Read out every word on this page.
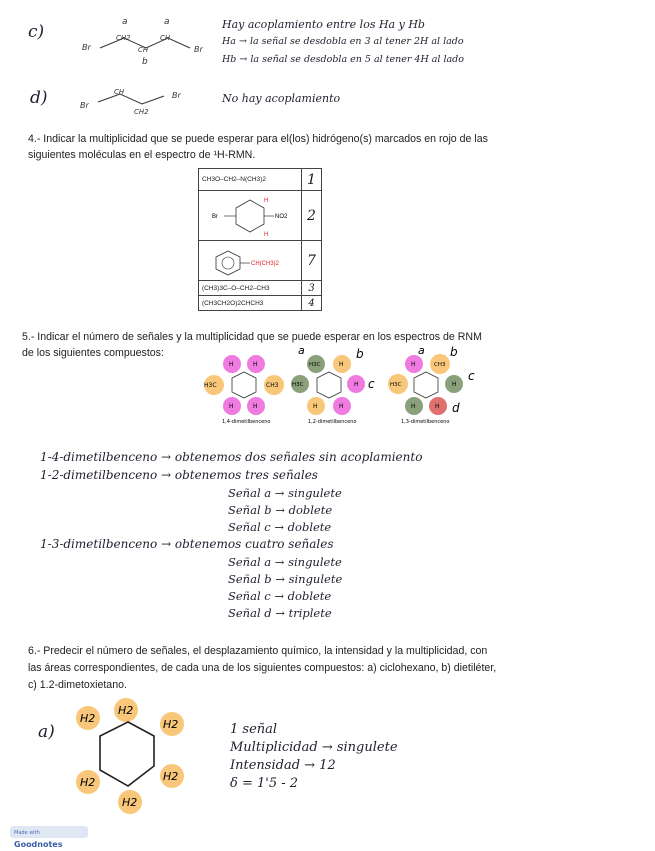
c)
Br
CH2
CH
CH
Br
a	a
b
Hay acoplamiento entre los Ha y Hb
Ha → la señal se desdobla en 3 al tener 2H al lado
Hb → la señal se desdobla en 5 al tener 4H al lado
d)	Br
CH
CH2
Br	No hay acoplamiento
4.- Indicar la multiplicidad que se puede esperar para el(los) hidrógeno(s) marcados en rojo de las
siguientes moléculas en el espectro de ¹H-RMN.
CH3O–CH2–N(CH3)2	1

Br NO2
H
H	2

CH(CH3)2	7
(CH3)3C–O–CH2–CH3	3
(CH3CH2O)2CHCH3	4
5.- Indicar el número de señales y la multiplicidad que se puede esperar en los espectros de RNM
de los siguientes compuestos:
H3C	CH3
H	H
H	H
1,4-dimetilbenceno
H3C
H3C	H
H
H	H
1,2-dimetilbenceno
a	b
c
CH3
H3C	H
H
H	H
1,3-dimetilbenceno
a b
c
d
1-4-dimetilbenceno → obtenemos dos señales sin acoplamiento
1-2-dimetilbenceno → obtenemos tres señales
Señal a → singulete
Señal b → doblete
Señal c → doblete
1-3-dimetilbenceno → obtenemos cuatro señales
Señal a → singulete
Señal b → singulete
Señal c → doblete
Señal d → triplete
6.- Predecir el número de señales, el desplazamiento químico, la intensidad y la multiplicidad, con
las áreas correspondientes, de cada una de los siguientes compuestos: a) ciclohexano, b) dietiléter,
c) 1.2-dimetoxietano.
a)
H2
H2	H2
H2	H2
H2
1 señal
Multiplicidad → singulete
Intensidad → 12
δ = 1'5 - 2
Made with Goodnotes
